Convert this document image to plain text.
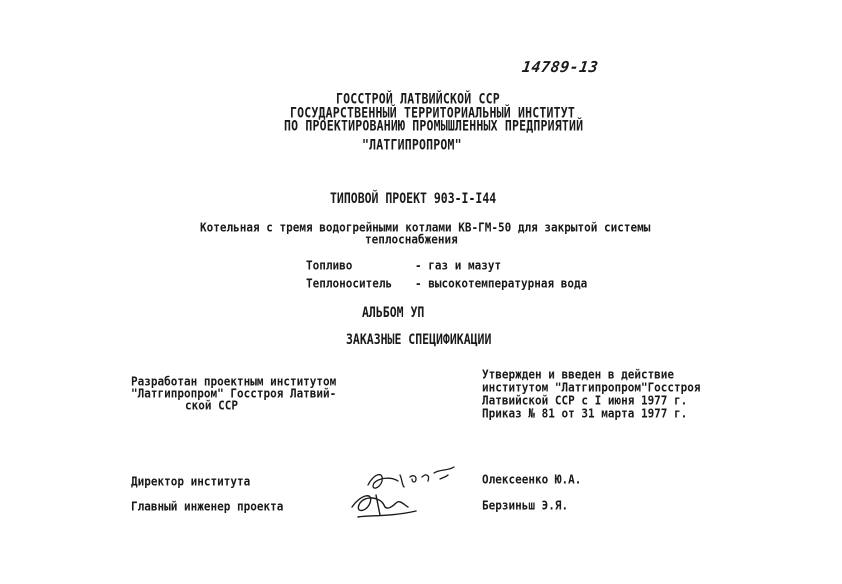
14789-13
ГОССТРОЙ ЛАТВИЙСКОЙ ССР
ГОСУДАРСТВЕННЫЙ ТЕРРИТОРИАЛЬНЫЙ ИНСТИТУТ
ПО ПРОЕКТИРОВАНИЮ ПРОМЫШЛЕННЫХ ПРЕДПРИЯТИЙ
"ЛАТГИПРОПРОМ"
ТИПОВОЙ ПРОЕКТ 903-I-I44
Котельная с тремя водогрейными котлами КВ-ГМ-50 для закрытой системы
теплоснабжения
Топливо	- газ и мазут
Теплоноситель - высокотемпературная вода
АЛЬБОМ УП
ЗАКАЗНЫЕ СПЕЦИФИКАЦИИ
Разработан проектным институтом
"Латгипропром" Госстроя Латвий-
ской ССР
Утвержден и введен в действие
институтом "Латгипропром"Госстроя
Латвийской ССР с I июня 1977 г.
Приказ № 81 от 31 марта 1977 г.
Директор института
Главный инженер проекта
Олексеенко Ю.А.
Берзиньш Э.Я.
